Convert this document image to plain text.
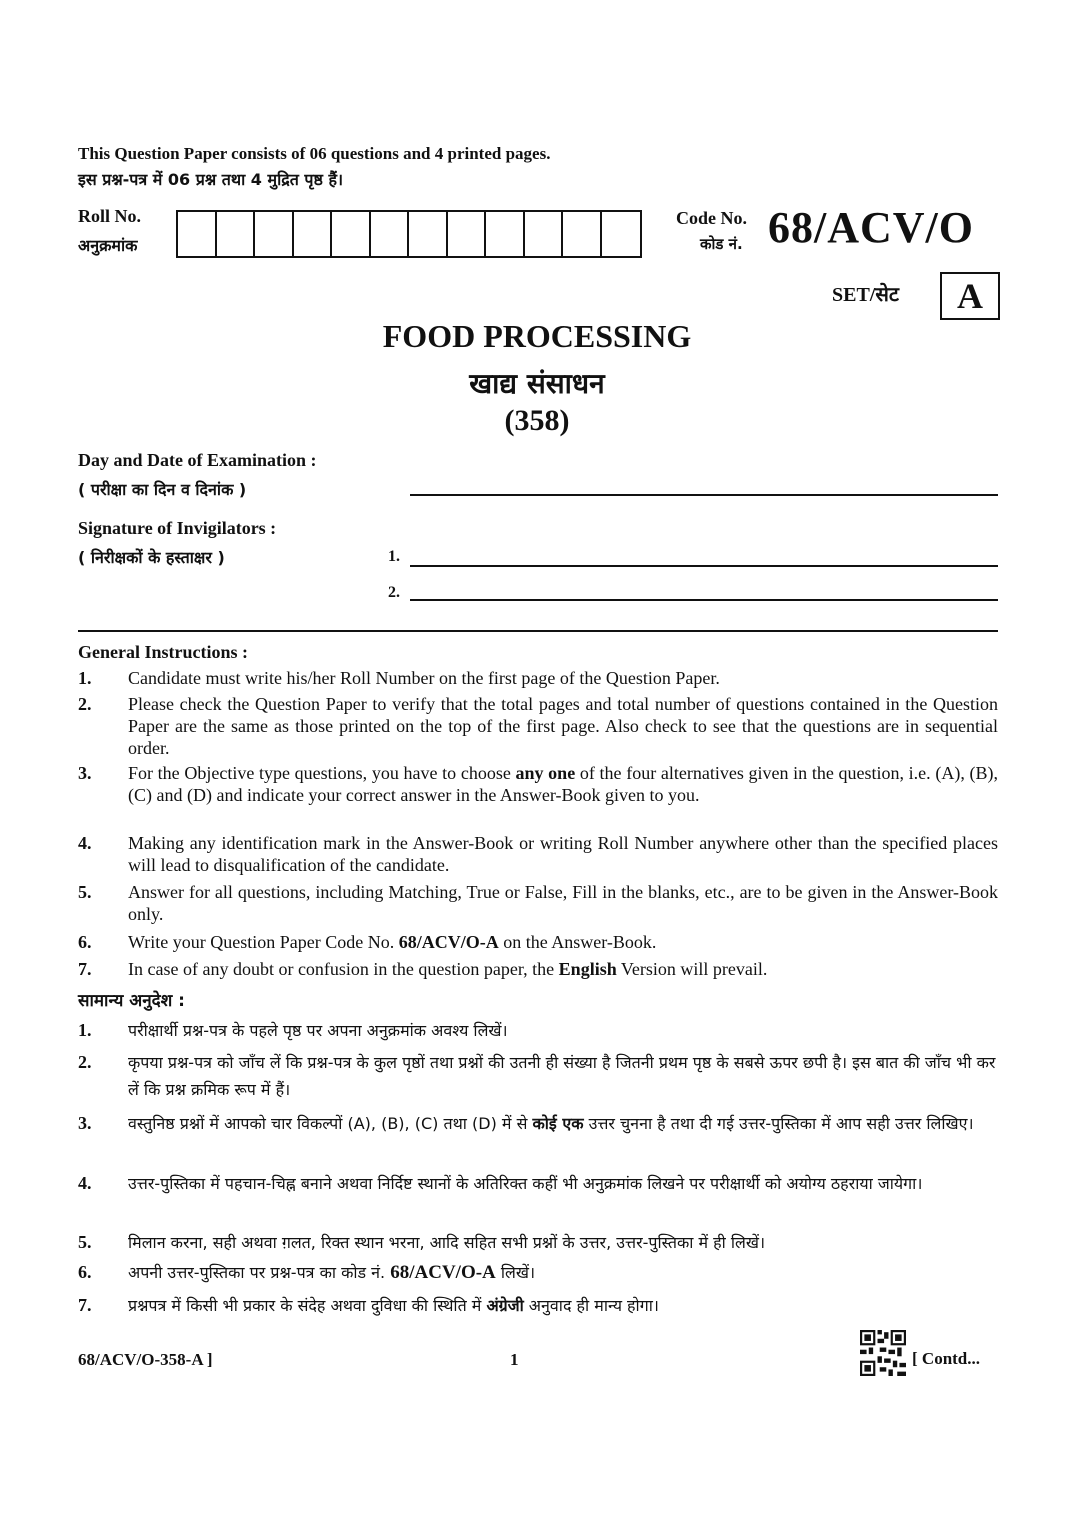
This Question Paper consists of 06 questions and 4 printed pages.
इस प्रश्न-पत्र में 06 प्रश्न तथा 4 मुद्रित पृष्ठ हैं।
Roll No.
अनुक्रमांक
Code No.
कोड नं. 68/ACV/O
SET/सेट	A
FOOD PROCESSING
खाद्य संसाधन
(358)
Day and Date of Examination :
( परीक्षा का दिन व दिनांक )
Signature of Invigilators :
( निरीक्षकों के हस्ताक्षर )	1.
2.
General Instructions :
1. Candidate must write his/her Roll Number on the first page of the Question Paper.
2. Please check the Question Paper to verify that the total pages and total number of questions contained in the Question Paper are the same as those printed on the top of the first page. Also check to see that the questions are in sequential order.
3. For the Objective type questions, you have to choose any one of the four alternatives given in the question, i.e. (A), (B), (C) and (D) and indicate your correct answer in the Answer-Book given to you.
4. Making any identification mark in the Answer-Book or writing Roll Number anywhere other than the specified places will lead to disqualification of the candidate.
5. Answer for all questions, including Matching, True or False, Fill in the blanks, etc., are to be given in the Answer-Book only.
6. Write your Question Paper Code No. 68/ACV/O-A on the Answer-Book.
7. In case of any doubt or confusion in the question paper, the English Version will prevail.
सामान्य अनुदेश :
1. परीक्षार्थी प्रश्न-पत्र के पहले पृष्ठ पर अपना अनुक्रमांक अवश्य लिखें।
2. कृपया प्रश्न-पत्र को जाँच लें कि प्रश्न-पत्र के कुल पृष्ठों तथा प्रश्नों की उतनी ही संख्या है जितनी प्रथम पृष्ठ के सबसे ऊपर छपी है। इस बात की जाँच भी कर लें कि प्रश्न क्रमिक रूप में हैं।
3. वस्तुनिष्ठ प्रश्नों में आपको चार विकल्पों (A), (B), (C) तथा (D) में से कोई एक उत्तर चुनना है तथा दी गई उत्तर-पुस्तिका में आप सही उत्तर लिखिए।
4. उत्तर-पुस्तिका में पहचान-चिह्न बनाने अथवा निर्दिष्ट स्थानों के अतिरिक्त कहीं भी अनुक्रमांक लिखने पर परीक्षार्थी को अयोग्य ठहराया जायेगा।
5. मिलान करना, सही अथवा ग़लत, रिक्त स्थान भरना, आदि सहित सभी प्रश्नों के उत्तर, उत्तर-पुस्तिका में ही लिखें।
6. अपनी उत्तर-पुस्तिका पर प्रश्न-पत्र का कोड नं. 68/ACV/O-A लिखें।
7. प्रश्नपत्र में किसी भी प्रकार के संदेह अथवा दुविधा की स्थिति में अंग्रेजी अनुवाद ही मान्य होगा।
68/ACV/O-358-A ]	1	[ Contd...
